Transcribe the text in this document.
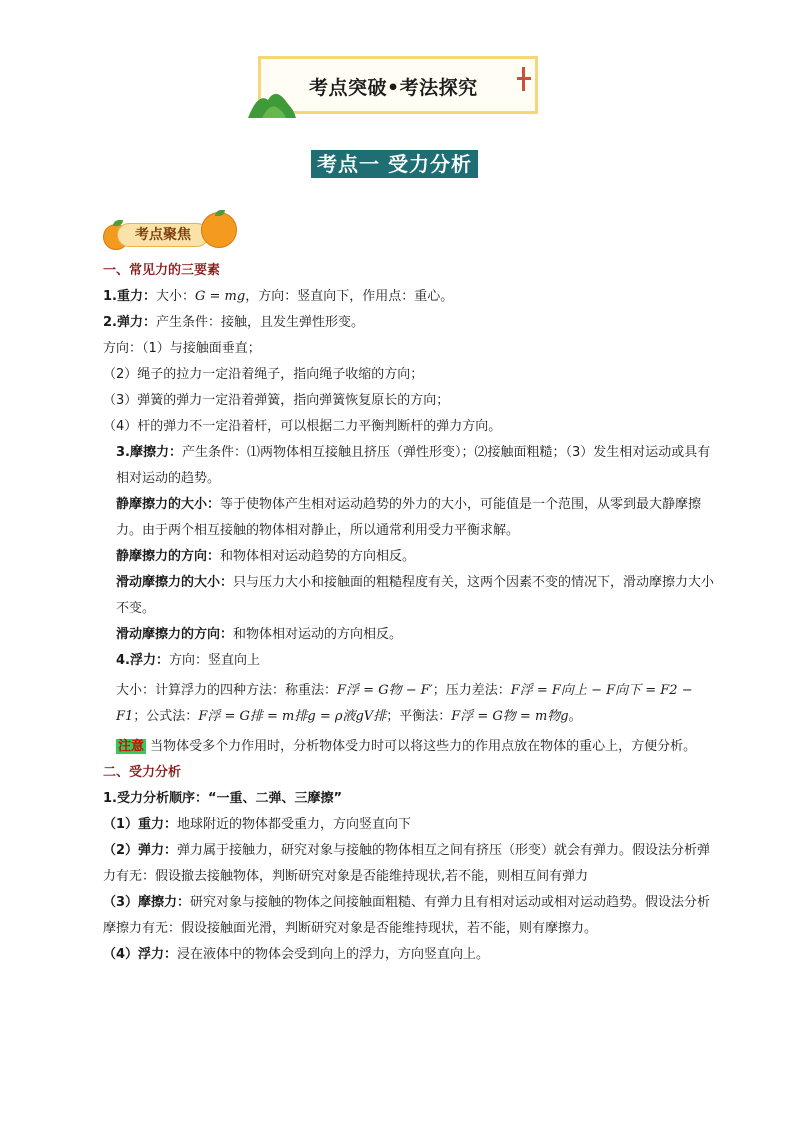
考点突破•考法探究
考点一 受力分析
考点聚焦

一、常见力的三要素

1.重力：大小：G = mg，方向：竖直向下，作用点：重心。

2.弹力：产生条件：接触，且发生弹性形变。

方向：（1）与接触面垂直；

（2）绳子的拉力一定沿着绳子，指向绳子收缩的方向；

（3）弹簧的弹力一定沿着弹簧，指向弹簧恢复原长的方向；

（4）杆的弹力不一定沿着杆，可以根据二力平衡判断杆的弹力方向。

3.摩擦力：产生条件：⑴两物体相互接触且挤压（弹性形变）；⑵接触面粗糙；（3）发生相对运动或具有相对运动的趋势。

静摩擦力的大小：等于使物体产生相对运动趋势的外力的大小，可能值是一个范围，从零到最大静摩擦力。由于两个相互接触的物体相对静止，所以通常利用受力平衡求解。

静摩擦力的方向：和物体相对运动趋势的方向相反。

滑动摩擦力的大小：只与压力大小和接触面的粗糙程度有关，这两个因素不变的情况下，滑动摩擦力大小不变。

滑动摩擦力的方向：和物体相对运动的方向相反。

4.浮力：方向：竖直向上

大小：计算浮力的四种方法：称重法：F浮 = G物 − F′；压力差法：F浮 = F向上 − F向下 = F2 − F1；公式法：F浮 = G排 = m排g = ρ液gV排；平衡法：F浮 = G物 = m物g。

注意 当物体受多个力作用时，分析物体受力时可以将这些力的作用点放在物体的重心上，方便分析。

二、受力分析

1.受力分析顺序：“一重、二弹、三摩擦”

（1）重力：地球附近的物体都受重力，方向竖直向下

（2）弹力：弹力属于接触力，研究对象与接触的物体相互之间有挤压（形变）就会有弹力。假设法分析弹力有无：假设撤去接触物体，判断研究对象是否能维持现状,若不能，则相互间有弹力

（3）摩擦力：研究对象与接触的物体之间接触面粗糙、有弹力且有相对运动或相对运动趋势。假设法分析摩擦力有无：假设接触面光滑，判断研究对象是否能维持现状，若不能，则有摩擦力。

（4）浮力：浸在液体中的物体会受到向上的浮力，方向竖直向上。
